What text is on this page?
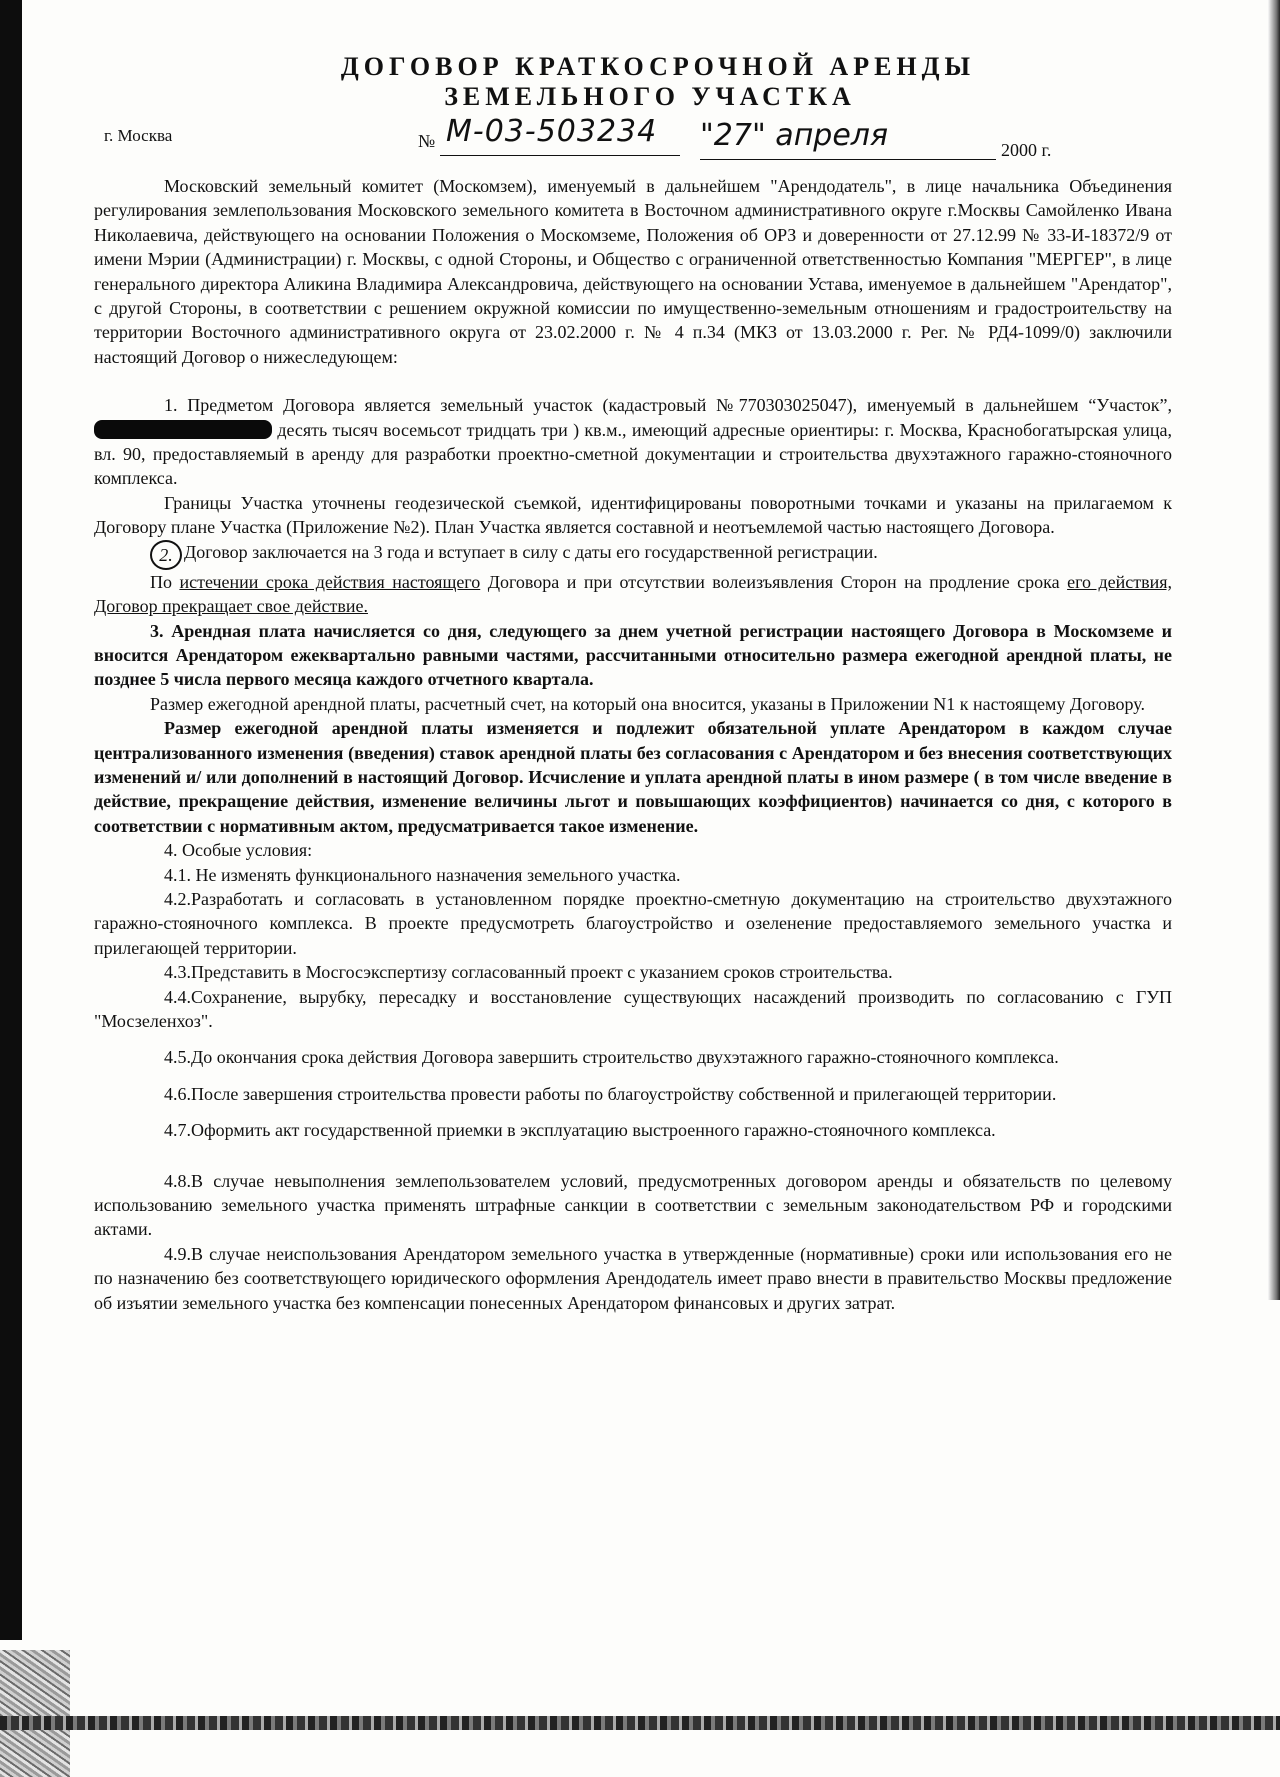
ДОГОВОР КРАТКОСРОЧНОЙ АРЕНДЫ
ЗЕМЕЛЬНОГО УЧАСТКА
г. Москва	№ М-03-503234 "27" апреля	2000 г.

Московский земельный комитет (Москомзем), именуемый в дальнейшем "Арендодатель", в лице начальника Объединения регулирования землепользования Московского земельного комитета в Восточном административного округе г.Москвы Самойленко Ивана Николаевича, действующего на основании Положения о Москомземе, Положения об ОРЗ и доверенности от 27.12.99 № 33-И-18372/9 от имени Мэрии (Администрации) г. Москвы, с одной Стороны, и Общество с ограниченной ответственностью Компания "МЕРГЕР", в лице генерального директора Аликина Владимира Александровича, действующего на основании Устава, именуемое в дальнейшем "Арендатор", с другой Стороны, в соответствии с решением окружной комиссии по имущественно-земельным отношениям и градостроительству на территории Восточного административного округа от 23.02.2000 г. № 4 п.34 (МКЗ от 13.03.2000 г. Рег. № РД4-1099/0) заключили настоящий Договор о нижеследующем:

1. Предметом Договора является земельный участок (кадастровый №770303025047), именуемый в дальнейшем “Участок”,  десять тысяч восемьсот тридцать три ) кв.м., имеющий адресные ориентиры: г. Москва, Краснобогатырская улица, вл. 90, предоставляемый в аренду для разработки проектно-сметной документации и строительства двухэтажного гаражно-стояночного комплекса.

Границы Участка уточнены геодезической съемкой, идентифицированы поворотными точками и указаны на прилагаемом к Договору плане Участка (Приложение №2). План Участка является составной и неотъемлемой частью настоящего Договора.

2. Договор заключается на 3 года и вступает в силу с даты его государственной регистрации.

По истечении срока действия настоящего Договора и при отсутствии волеизъявления Сторон на продление срока его действия, Договор прекращает свое действие.

3. Арендная плата начисляется со дня, следующего за днем учетной регистрации настоящего Договора в Москомземе и вносится Арендатором ежеквартально равными частями, рассчитанными относительно размера ежегодной арендной платы, не позднее 5 числа первого месяца каждого отчетного квартала.

Размер ежегодной арендной платы, расчетный счет, на который она вносится, указаны в Приложении N1 к настоящему Договору.

Размер ежегодной арендной платы изменяется и подлежит обязательной уплате Арендатором в каждом случае централизованного изменения (введения) ставок арендной платы без согласования с Арендатором и без внесения соответствующих изменений и/ или дополнений в настоящий Договор. Исчисление и уплата арендной платы в ином размере ( в том числе введение в действие, прекращение действия, изменение величины льгот и повышающих коэффициентов) начинается со дня, с которого в соответствии с нормативным актом, предусматривается такое изменение.

4. Особые условия:

4.1. Не изменять функционального назначения земельного участка.

4.2.Разработать и согласовать в установленном порядке проектно-сметную документацию на строительство двухэтажного гаражно-стояночного комплекса. В проекте предусмотреть благоустройство и озеленение предоставляемого земельного участка и прилегающей территории.

4.3.Представить в Мосгосэкспертизу согласованный проект с указанием сроков строительства.

4.4.Сохранение, вырубку, пересадку и восстановление существующих насаждений производить по согласованию с ГУП "Мосзеленхоз".

4.5.До окончания срока действия Договора завершить строительство двухэтажного гаражно-стояночного комплекса.

4.6.После завершения строительства провести работы по благоустройству собственной и прилегающей территории.

4.7.Оформить акт государственной приемки в эксплуатацию выстроенного гаражно-стояночного комплекса.

4.8.В случае невыполнения землепользователем условий, предусмотренных договором аренды и обязательств по целевому использованию земельного участка применять штрафные санкции в соответствии с земельным законодательством РФ и городскими актами.

4.9.В случае неиспользования Арендатором земельного участка в утвержденные (нормативные) сроки или использования его не по назначению без соответствующего юридического оформления Арендодатель имеет право внести в правительство Москвы предложение об изъятии земельного участка без компенсации понесенных Арендатором финансовых и других затрат.
